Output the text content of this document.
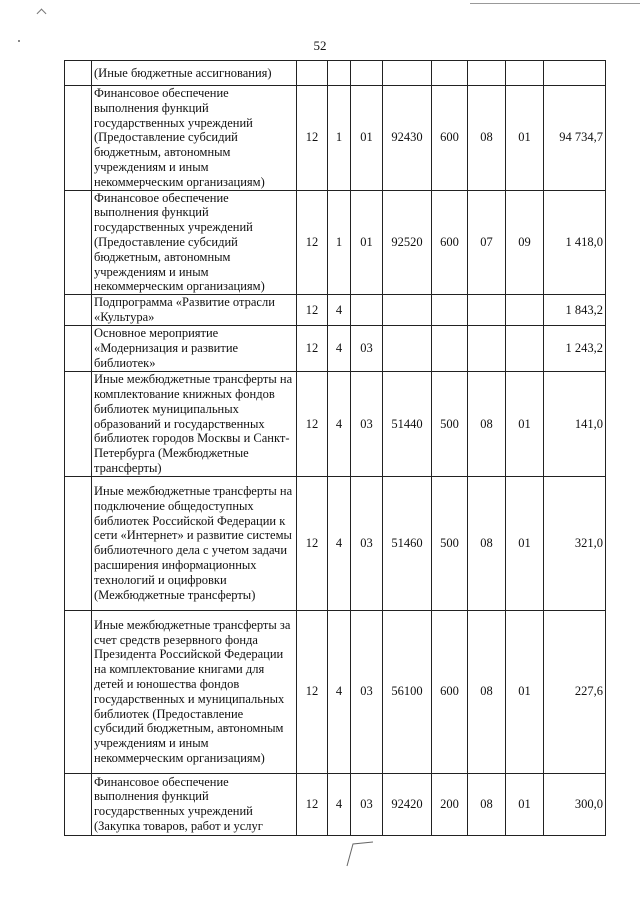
52
	(Иные бюджетные ассигнования)								
	Финансовое обеспечение выполнения функций государственных учреждений (Предоставление субсидий бюджетным, автономным учреждениям и иным некоммерческим организациям)	12	1	01	92430	600	08	01	94 734,7
	Финансовое обеспечение выполнения функций государственных учреждений (Предоставление субсидий бюджетным, автономным учреждениям и иным некоммерческим организациям)	12	1	01	92520	600	07	09	1 418,0
	Подпрограмма «Развитие отрасли «Культура»	12	4						1 843,2
	Основное мероприятие «Модернизация и развитие библиотек»	12	4	03					1 243,2
	Иные межбюджетные трансферты на комплектование книжных фондов библиотек муниципальных образований и государственных библиотек городов Москвы и Санкт-Петербурга (Межбюджетные трансферты)	12	4	03	51440	500	08	01	141,0
	Иные межбюджетные трансферты на подключение общедоступных библиотек Российской Федерации к сети «Интернет» и развитие системы библиотечного дела с учетом задачи расширения информационных технологий и оцифровки (Межбюджетные трансферты)	12	4	03	51460	500	08	01	321,0
	Иные межбюджетные трансферты за счет средств резервного фонда Президента Российской Федерации на комплектование книгами для детей и юношества фондов государственных и муниципальных библиотек (Предоставление субсидий бюджетным, автономным учреждениям и иным некоммерческим организациям)	12	4	03	56100	600	08	01	227,6
	Финансовое обеспечение выполнения функций государственных учреждений (Закупка товаров, работ и услуг	12	4	03	92420	200	08	01	300,0
